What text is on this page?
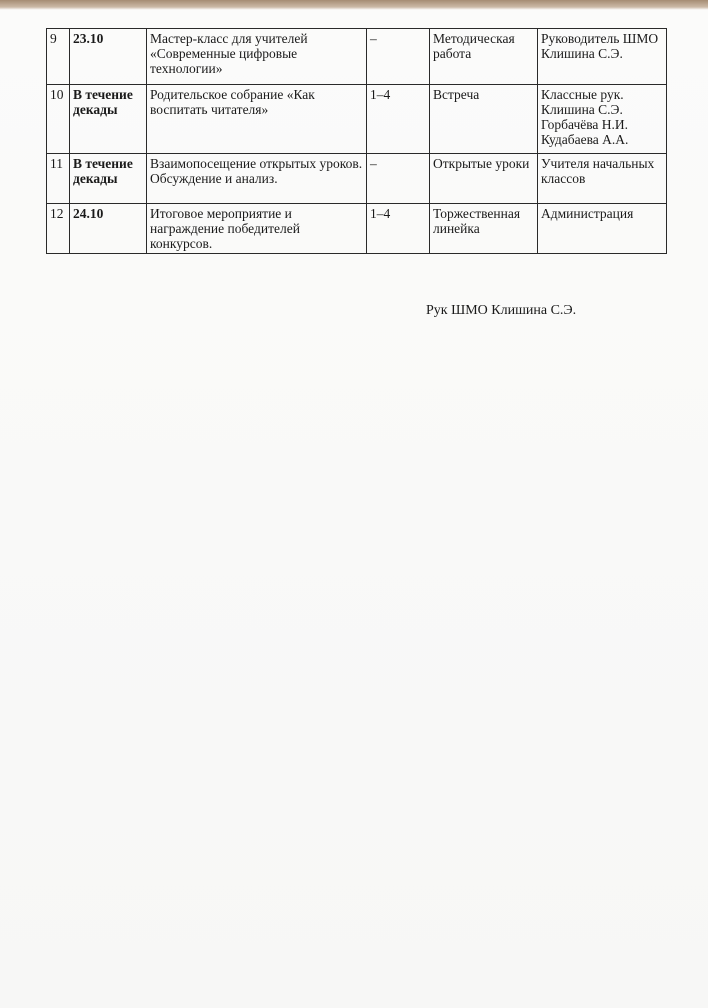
9	23.10	Мастер-класс для учителей «Современные цифровые технологии»	–	Методическая работа	Руководитель ШМО Клишина С.Э.
10	В течение декады	Родительское собрание «Как воспитать читателя»	1–4	Встреча	Классные рук. Клишина С.Э. Горбачёва Н.И. Кудабаева А.А.
11	В течение декады	Взаимопосещение открытых уроков. Обсуждение и анализ.	–	Открытые уроки	Учителя начальных классов
12	24.10	Итоговое мероприятие и награждение победителей конкурсов.	1–4	Торжественная линейка	Администрация
Рук ШМО Клишина С.Э.
